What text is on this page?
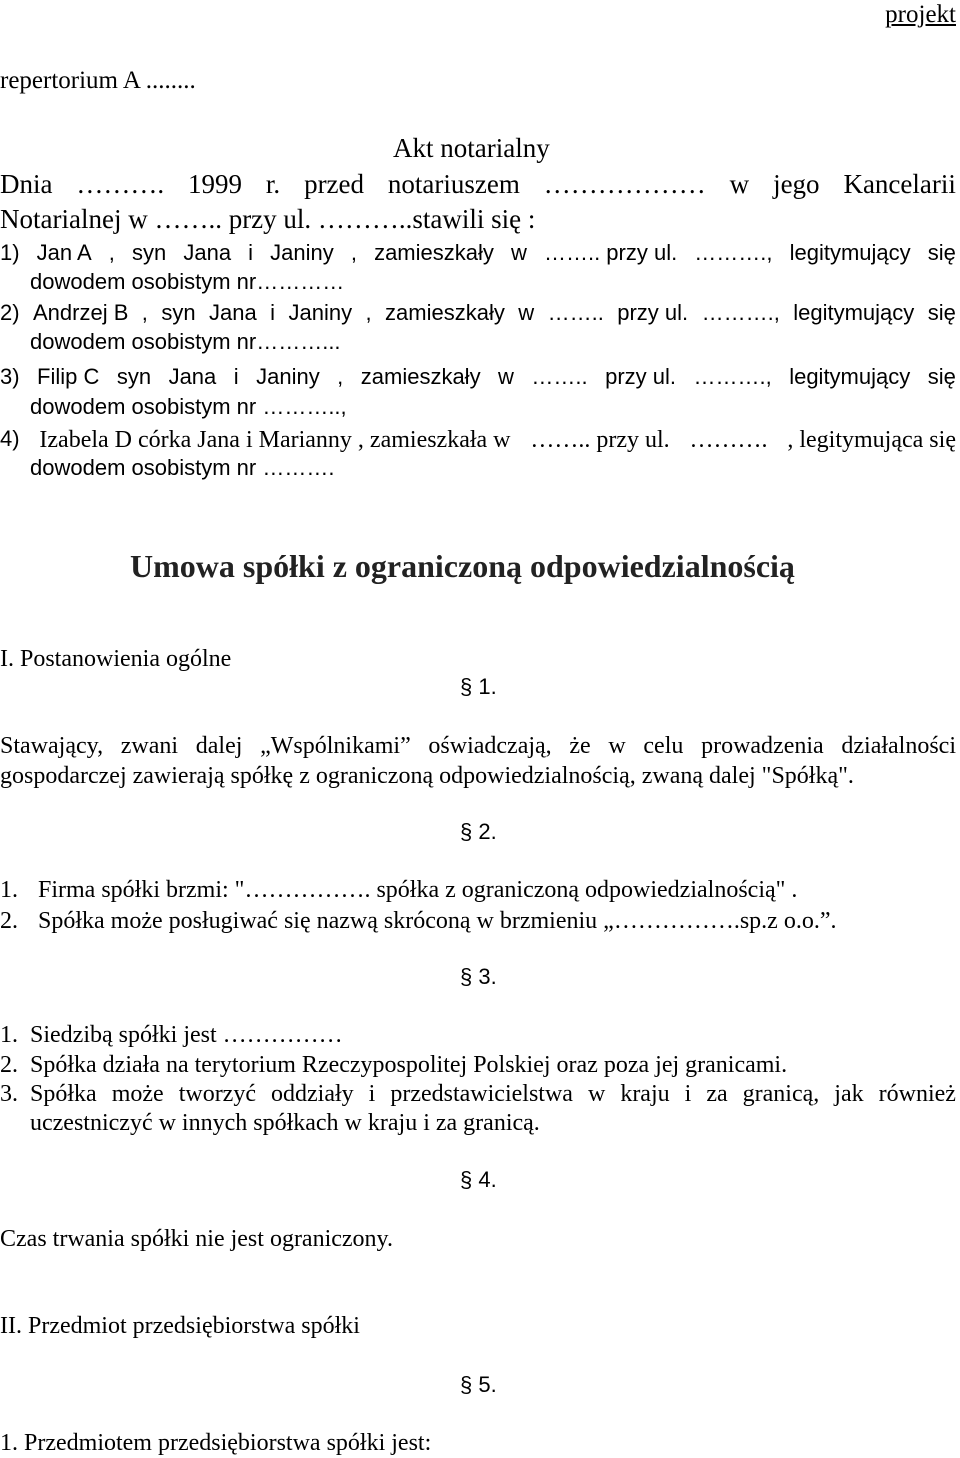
projekt
repertorium A ........
Akt notarialny
Dnia ………. 1999 r. przed notariuszem ……………… w jego Kancelarii
Notarialnej w …….. przy ul. ………..stawili się :
1) Jan A , syn Jana i Janiny , zamieszkały w …….. przy ul. ………., legitymujący się
dowodem osobistym nr…………
2) Andrzej B , syn Jana i Janiny , zamieszkały w …….. przy ul. ………., legitymujący się
dowodem osobistym nr………...
3) Filip C syn Jana i Janiny , zamieszkały w …….. przy ul. ………., legitymujący się
dowodem osobistym nr ………..,
4) Izabela D córka Jana i Marianny , zamieszkała w …….. przy ul. ………. , legitymująca się
dowodem osobistym nr ……….
Umowa spółki z ograniczoną odpowiedzialnością
I. Postanowienia ogólne
§ 1.
Stawający, zwani dalej „Wspólnikami” oświadczają, że w celu prowadzenia działalności
gospodarczej zawierają spółkę z ograniczoną odpowiedzialnością, zwaną dalej "Spółką".
§ 2.
1. Firma spółki brzmi: "……………. spółka z ograniczoną odpowiedzialnością" .
2. Spółka może posługiwać się nazwą skróconą w brzmieniu „…………….sp.z o.o.”.
§ 3.
1. Siedzibą spółki jest ……………
2. Spółka działa na terytorium Rzeczypospolitej Polskiej oraz poza jej granicami.
3. Spółka może tworzyć oddziały i przedstawicielstwa w kraju i za granicą, jak również
uczestniczyć w innych spółkach w kraju i za granicą.
§ 4.
Czas trwania spółki nie jest ograniczony.
II. Przedmiot przedsiębiorstwa spółki
§ 5.
1. Przedmiotem przedsiębiorstwa spółki jest:
